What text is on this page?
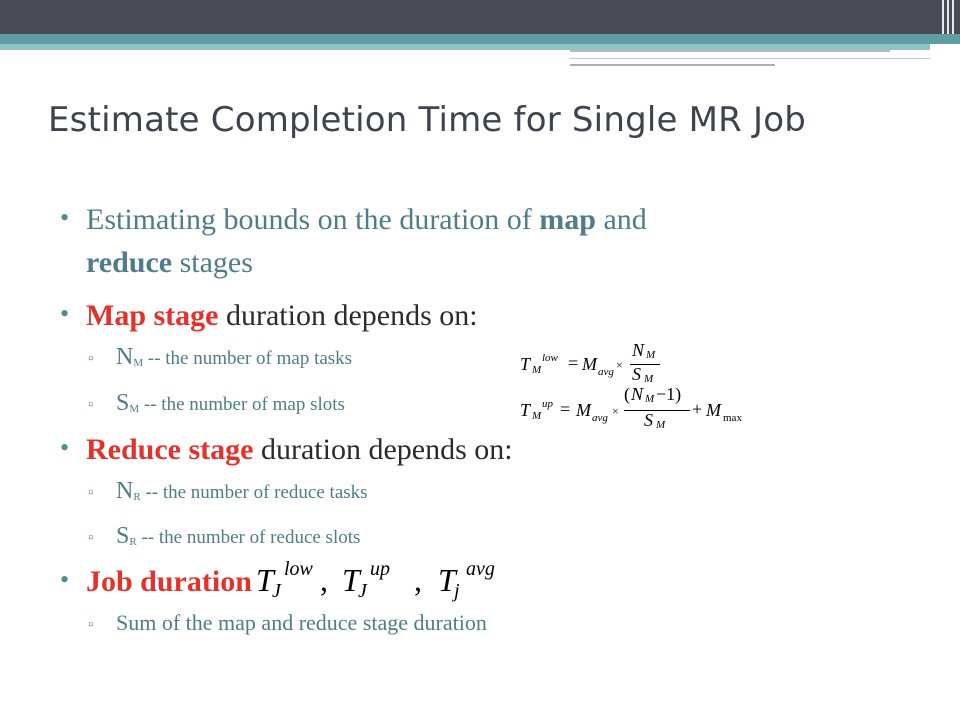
Estimate Completion Time for Single MR Job
• Estimating bounds on the duration of map and
reduce stages
• Map stage duration depends on:
▫ $N_M$ -- the number of map tasks
▫ $S_M$ -- the number of map slots
T M
low = M avg ×
N M
S M
T M
up = M avg ×
( N M −1)
S M
+ M max
• Reduce stage duration depends on:
▫ $N_R$ -- the number of reduce tasks
▫ $S_R$ -- the number of reduce slots
• Job duration T
J
low , T
J
up , T
j
avg
▫ Sum of the map and reduce stage duration
